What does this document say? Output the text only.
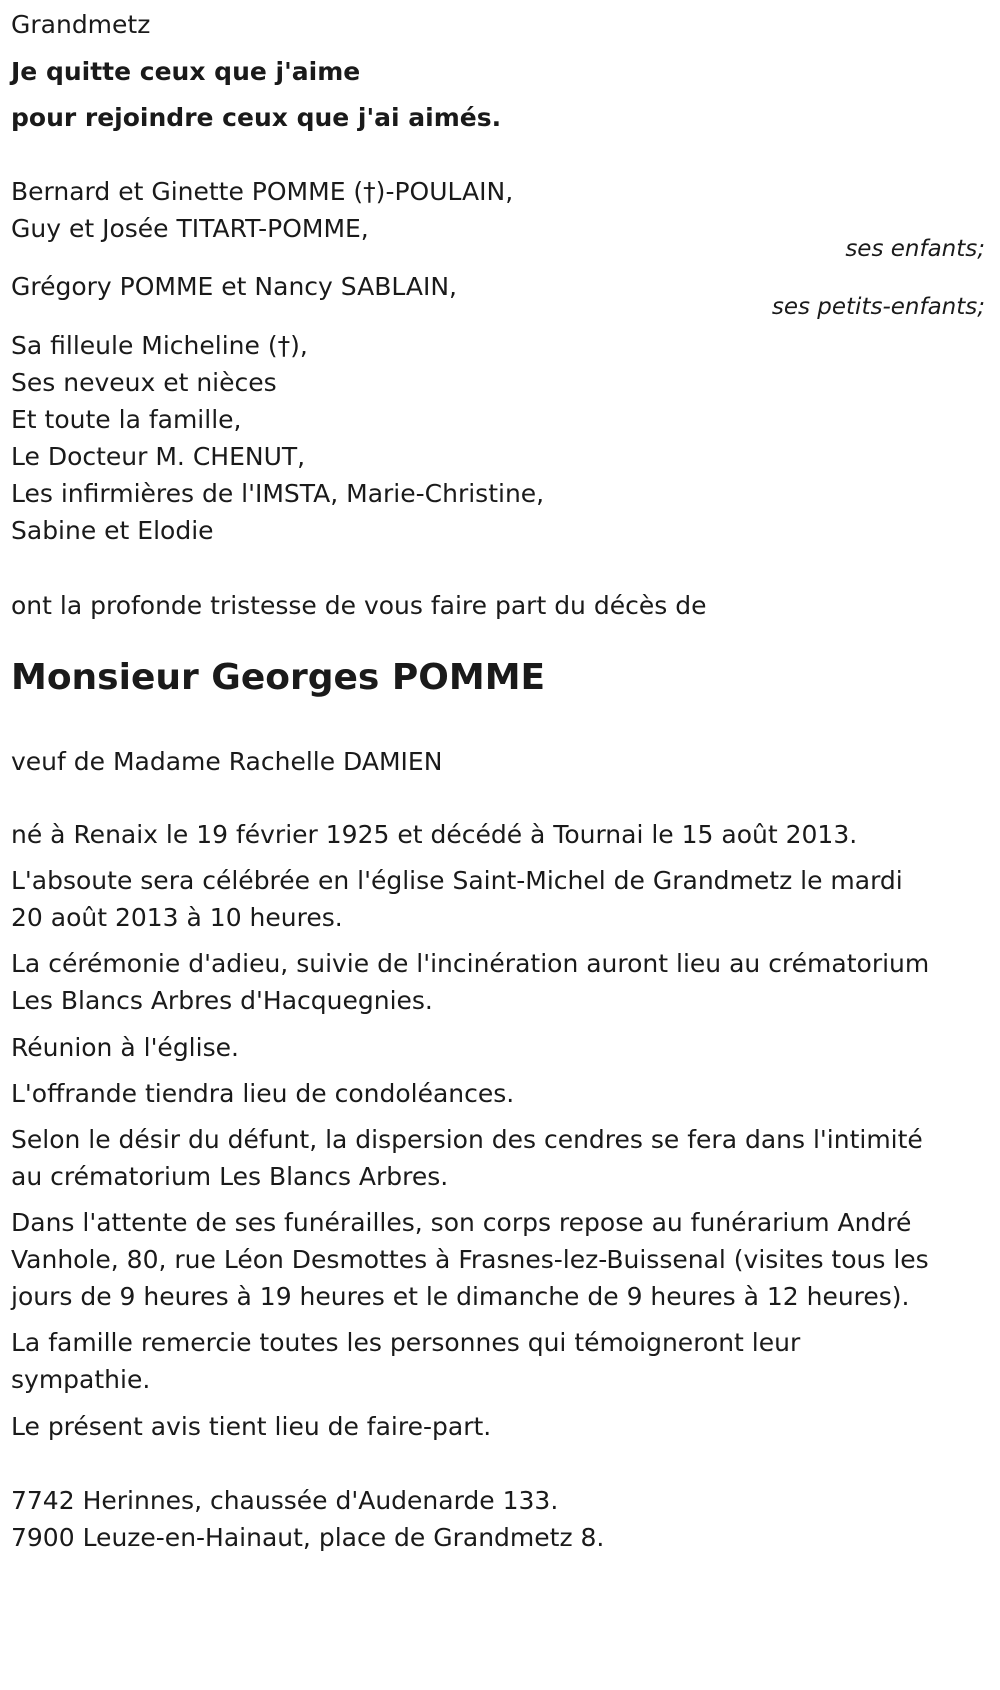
Grandmetz
Je quitte ceux que j'aime
pour rejoindre ceux que j'ai aimés.
Bernard et Ginette POMME (†)-POULAIN,
Guy et Josée TITART-POMME,
ses enfants;
Grégory POMME et Nancy SABLAIN,
ses petits-enfants;
Sa filleule Micheline (†),
Ses neveux et nièces
Et toute la famille,
Le Docteur M. CHENUT,
Les infirmières de l'IMSTA, Marie-Christine,
Sabine et Elodie
ont la profonde tristesse de vous faire part du décès de
Monsieur Georges POMME
veuf de Madame Rachelle DAMIEN
né à Renaix le 19 février 1925 et décédé à Tournai le 15 août 2013.
L'absoute sera célébrée en l'église Saint-Michel de Grandmetz le mardi
20 août 2013 à 10 heures.
La cérémonie d'adieu, suivie de l'incinération auront lieu au crématorium
Les Blancs Arbres d'Hacquegnies.
Réunion à l'église.
L'offrande tiendra lieu de condoléances.
Selon le désir du défunt, la dispersion des cendres se fera dans l'intimité
au crématorium Les Blancs Arbres.
Dans l'attente de ses funérailles, son corps repose au funérarium André
Vanhole, 80, rue Léon Desmottes à Frasnes-lez-Buissenal (visites tous les
jours de 9 heures à 19 heures et le dimanche de 9 heures à 12 heures).
La famille remercie toutes les personnes qui témoigneront leur
sympathie.
Le présent avis tient lieu de faire-part.
7742 Herinnes, chaussée d'Audenarde 133.
7900 Leuze-en-Hainaut, place de Grandmetz 8.
